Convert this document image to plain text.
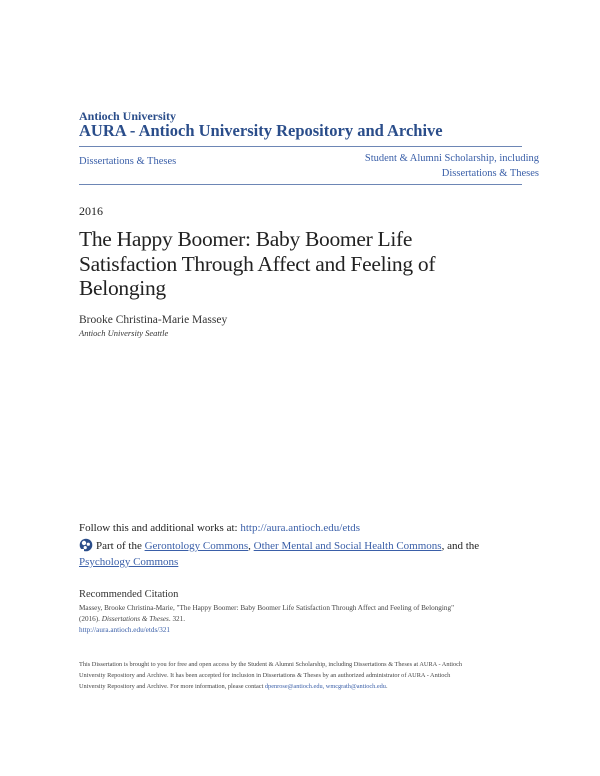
Antioch University
AURA - Antioch University Repository and Archive
Dissertations & Theses	Student & Alumni Scholarship, including
Dissertations & Theses
2016
The Happy Boomer: Baby Boomer Life Satisfaction Through Affect and Feeling of Belonging
Brooke Christina-Marie Massey
Antioch University Seattle
Follow this and additional works at: http://aura.antioch.edu/etds
Part of the Gerontology Commons, Other Mental and Social Health Commons, and the
Psychology Commons
Recommended Citation
Massey, Brooke Christina-Marie, "The Happy Boomer: Baby Boomer Life Satisfaction Through Affect and Feeling of Belonging"
(2016). Dissertations & Theses. 321.
http://aura.antioch.edu/etds/321
This Dissertation is brought to you for free and open access by the Student & Alumni Scholarship, including Dissertations & Theses at AURA - Antioch
University Repository and Archive. It has been accepted for inclusion in Dissertations & Theses by an authorized administrator of AURA - Antioch
University Repository and Archive. For more information, please contact dpenrose@antioch.edu, wmcgrath@antioch.edu.
